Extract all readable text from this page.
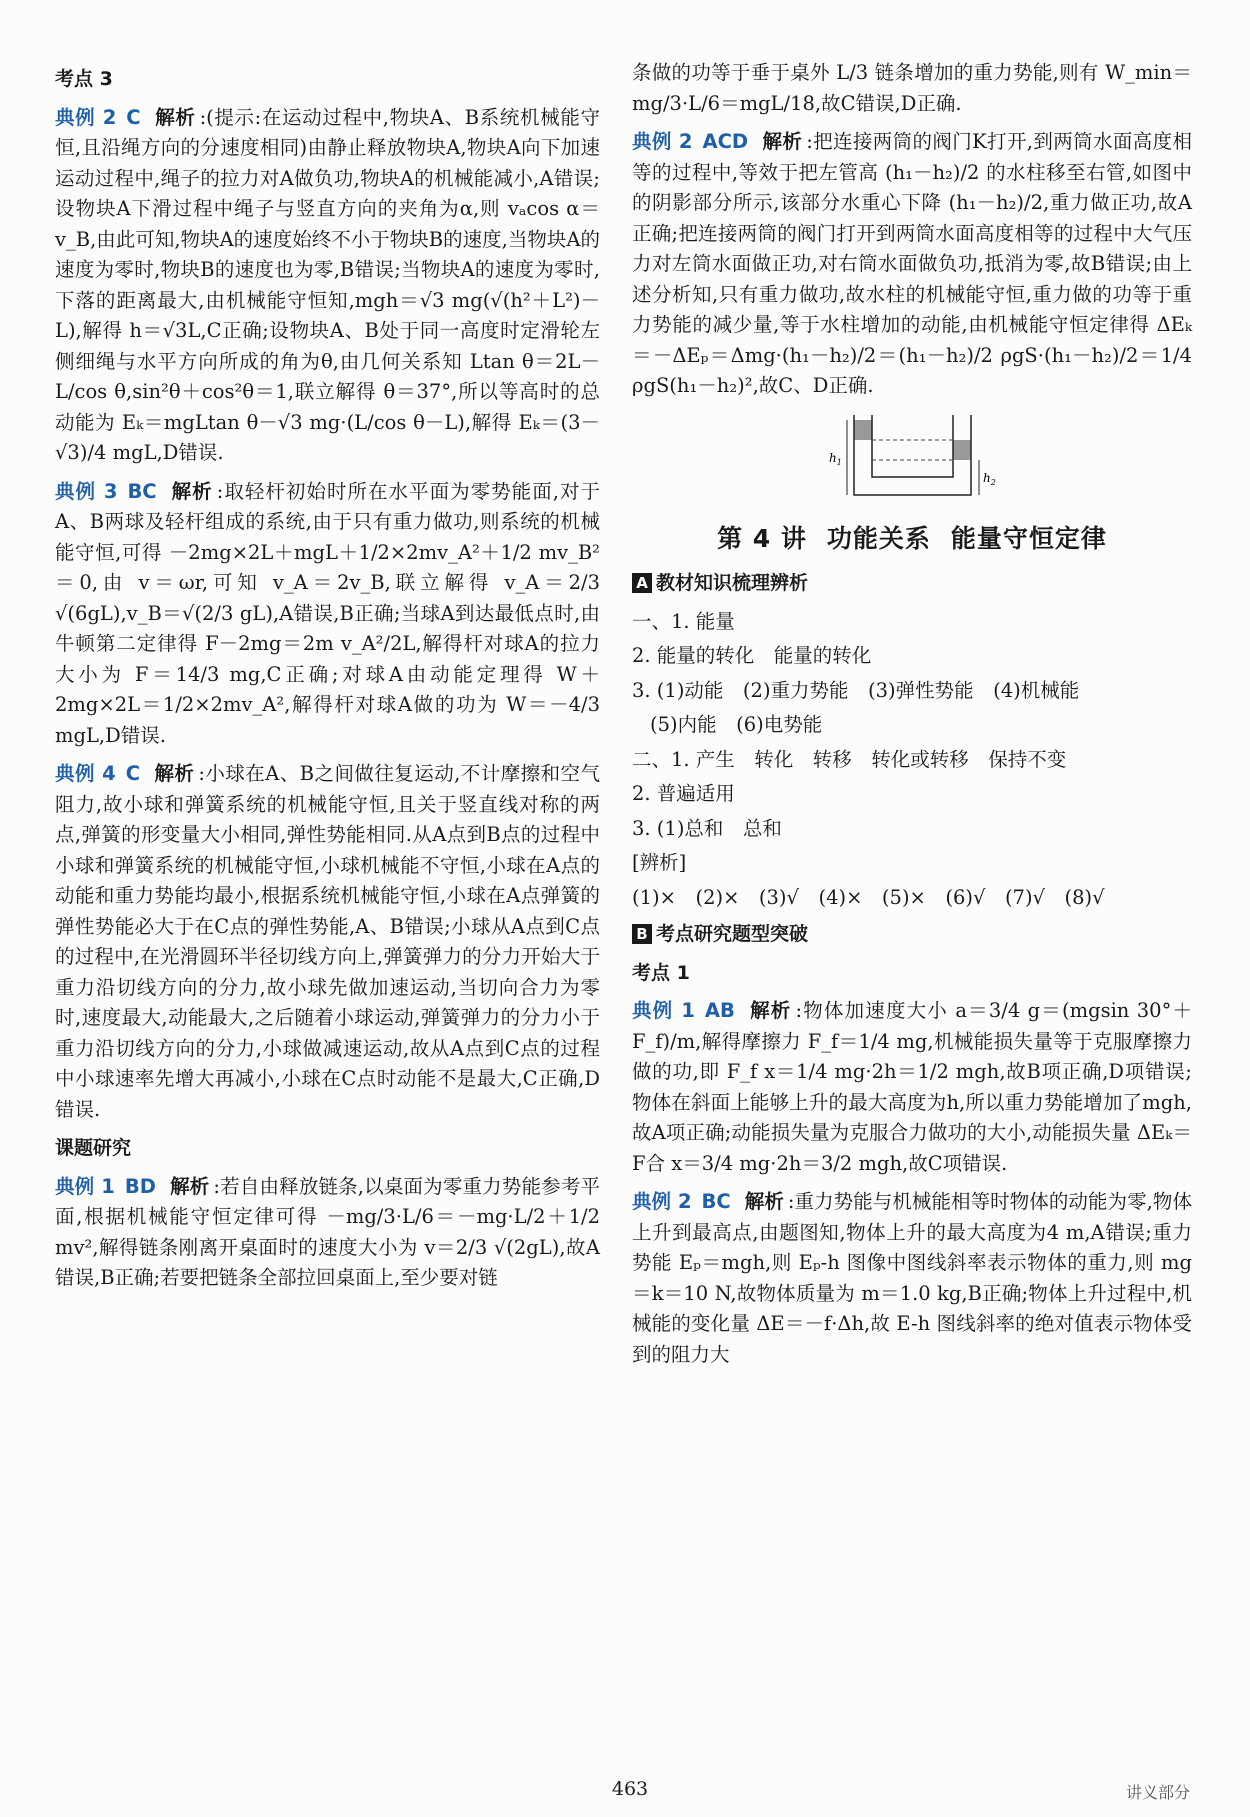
考点 3

典例 2 C 解析 :(提示:在运动过程中,物块A、B系统机械能守恒,且沿绳方向的分速度相同)由静止释放物块A,物块A向下加速运动过程中,绳子的拉力对A做负功,物块A的机械能减小,A错误;设物块A下滑过程中绳子与竖直方向的夹角为α,则 vₐcos α＝v_B,由此可知,物块A的速度始终不小于物块B的速度,当物块A的速度为零时,物块B的速度也为零,B错误;当物块A的速度为零时,下落的距离最大,由机械能守恒知,mgh＝√3 mg(√(h²＋L²)－L),解得 h＝√3L,C正确;设物块A、B处于同一高度时定滑轮左侧细绳与水平方向所成的角为θ,由几何关系知 Ltan θ＝2L－L/cos θ,sin²θ＋cos²θ＝1,联立解得 θ＝37°,所以等高时的总动能为 Eₖ＝mgLtan θ－√3 mg·(L/cos θ－L),解得 Eₖ＝(3－√3)/4 mgL,D错误.

典例 3 BC 解析 :取轻杆初始时所在水平面为零势能面,对于A、B两球及轻杆组成的系统,由于只有重力做功,则系统的机械能守恒,可得 －2mg×2L＋mgL＋1/2×2mv_A²＋1/2 mv_B²＝0,由 v＝ωr,可知 v_A＝2v_B,联立解得 v_A＝2/3 √(6gL),v_B＝√(2/3 gL),A错误,B正确;当球A到达最低点时,由牛顿第二定律得 F－2mg＝2m v_A²/2L,解得杆对球A的拉力大小为 F＝14/3 mg,C正确;对球A由动能定理得 W＋2mg×2L＝1/2×2mv_A²,解得杆对球A做的功为 W＝－4/3 mgL,D错误.

典例 4 C 解析 :小球在A、B之间做往复运动,不计摩擦和空气阻力,故小球和弹簧系统的机械能守恒,且关于竖直线对称的两点,弹簧的形变量大小相同,弹性势能相同.从A点到B点的过程中小球和弹簧系统的机械能守恒,小球机械能不守恒,小球在A点的动能和重力势能均最小,根据系统机械能守恒,小球在A点弹簧的弹性势能必大于在C点的弹性势能,A、B错误;小球从A点到C点的过程中,在光滑圆环半径切线方向上,弹簧弹力的分力开始大于重力沿切线方向的分力,故小球先做加速运动,当切向合力为零时,速度最大,动能最大,之后随着小球运动,弹簧弹力的分力小于重力沿切线方向的分力,小球做减速运动,故从A点到C点的过程中小球速率先增大再减小,小球在C点时动能不是最大,C正确,D错误.

课题研究

典例 1 BD 解析 :若自由释放链条,以桌面为零重力势能参考平面,根据机械能守恒定律可得 －mg/3·L/6＝－mg·L/2＋1/2 mv²,解得链条刚离开桌面时的速度大小为 v＝2/3 √(2gL),故A错误,B正确;若要把链条全部拉回桌面上,至少要对链

条做的功等于垂于桌外 L/3 链条增加的重力势能,则有 W_min＝mg/3·L/6＝mgL/18,故C错误,D正确.

典例 2 ACD 解析 :把连接两筒的阀门K打开,到两筒水面高度相等的过程中,等效于把左管高 (h₁－h₂)/2 的水柱移至右管,如图中的阴影部分所示,该部分水重心下降 (h₁－h₂)/2,重力做正功,故A正确;把连接两筒的阀门打开到两筒水面高度相等的过程中大气压力对左筒水面做正功,对右筒水面做负功,抵消为零,故B错误;由上述分析知,只有重力做功,故水柱的机械能守恒,重力做的功等于重力势能的减少量,等于水柱增加的动能,由机械能守恒定律得 ΔEₖ＝－ΔEₚ＝Δmg·(h₁－h₂)/2＝(h₁－h₂)/2 ρgS·(h₁－h₂)/2＝1/4 ρgS(h₁－h₂)²,故C、D正确.

$h_1$
$h_2$
第 4 讲 功能关系 能量守恒定律
A 教材知识梳理辨析
一、1. 能量
2. 能量的转化　能量的转化
3. (1)动能　(2)重力势能　(3)弹性势能　(4)机械能
(5)内能　(6)电势能
二、1. 产生　转化　转移　转化或转移　保持不变
2. 普遍适用
3. (1)总和　总和
[辨析]
(1)×　(2)×　(3)√　(4)×　(5)×　(6)√　(7)√　(8)√
B 考点研究题型突破
考点 1

典例 1 AB 解析 :物体加速度大小 a＝3/4 g＝(mgsin 30°＋F_f)/m,解得摩擦力 F_f＝1/4 mg,机械能损失量等于克服摩擦力做的功,即 F_f x＝1/4 mg·2h＝1/2 mgh,故B项正确,D项错误;物体在斜面上能够上升的最大高度为h,所以重力势能增加了mgh,故A项正确;动能损失量为克服合力做功的大小,动能损失量 ΔEₖ＝F合 x＝3/4 mg·2h＝3/2 mgh,故C项错误.

典例 2 BC 解析 :重力势能与机械能相等时物体的动能为零,物体上升到最高点,由题图知,物体上升的最大高度为4 m,A错误;重力势能 Eₚ＝mgh,则 Eₚ-h 图像中图线斜率表示物体的重力,则 mg＝k＝10 N,故物体质量为 m＝1.0 kg,B正确;物体上升过程中,机械能的变化量 ΔE＝－f·Δh,故 E-h 图线斜率的绝对值表示物体受到的阻力大

463	讲义部分
